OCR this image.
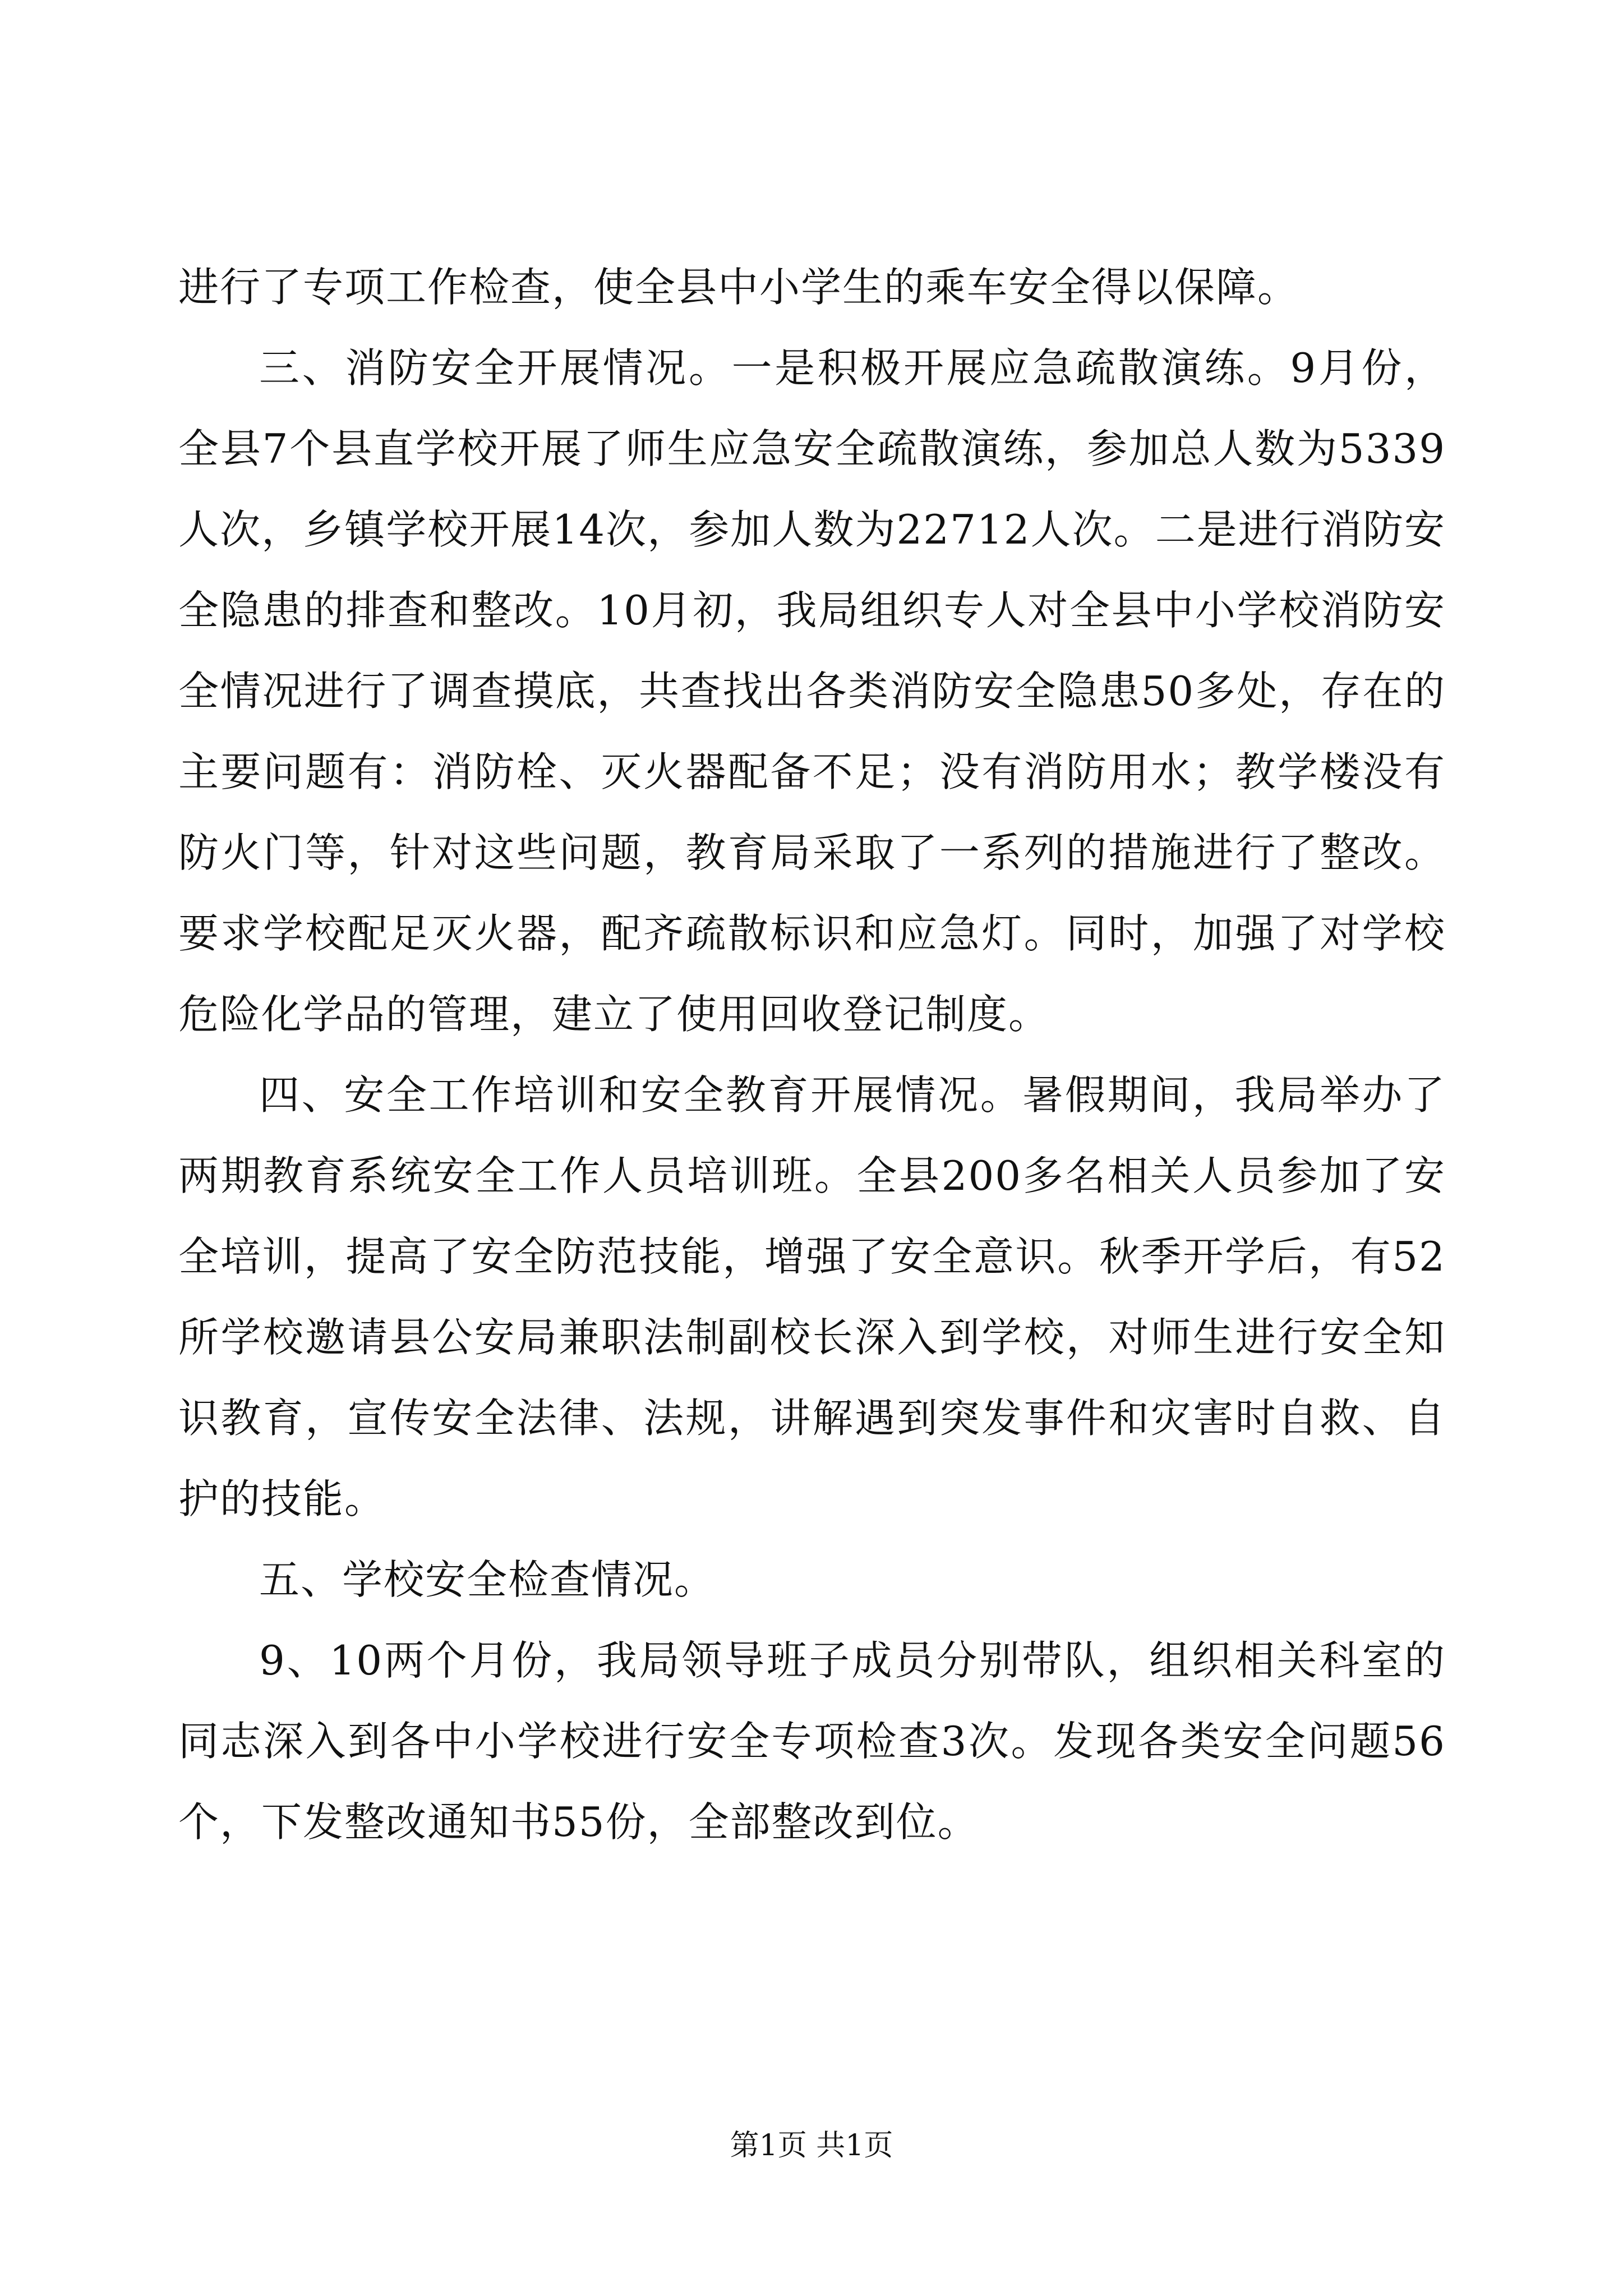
进行了专项工作检查，使全县中小学生的乘车安全得以保障。

三、消防安全开展情况。一是积极开展应急疏散演练。9月份，全县7个县直学校开展了师生应急安全疏散演练，参加总人数为5339人次，乡镇学校开展14次，参加人数为22712人次。二是进行消防安全隐患的排查和整改。10月初，我局组织专人对全县中小学校消防安全情况进行了调查摸底，共查找出各类消防安全隐患50多处，存在的主要问题有：消防栓、灭火器配备不足；没有消防用水；教学楼没有防火门等，针对这些问题，教育局采取了一系列的措施进行了整改。要求学校配足灭火器，配齐疏散标识和应急灯。同时，加强了对学校危险化学品的管理，建立了使用回收登记制度。

四、安全工作培训和安全教育开展情况。暑假期间，我局举办了两期教育系统安全工作人员培训班。全县200多名相关人员参加了安全培训，提高了安全防范技能，增强了安全意识。秋季开学后，有52所学校邀请县公安局兼职法制副校长深入到学校，对师生进行安全知识教育，宣传安全法律、法规，讲解遇到突发事件和灾害时自救、自护的技能。

五、学校安全检查情况。

9、10两个月份，我局领导班子成员分别带队，组织相关科室的同志深入到各中小学校进行安全专项检查3次。发现各类安全问题56个，下发整改通知书55份，全部整改到位。

第1页 共1页
